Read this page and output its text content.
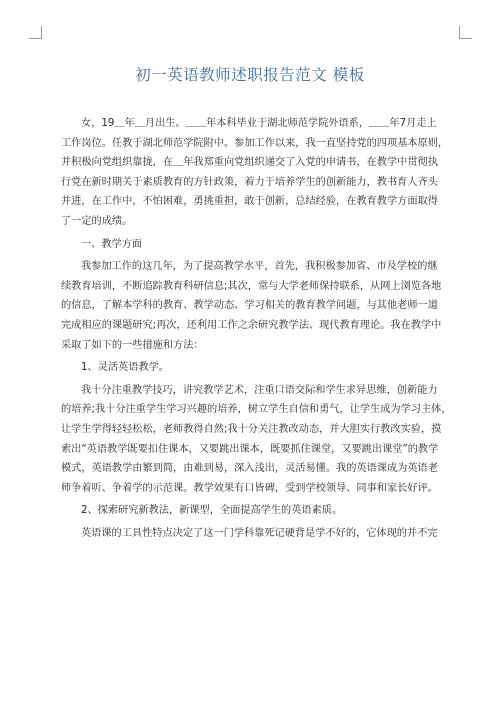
初一英语教师述职报告范文 模板

女，19＿年＿月出生。＿＿年本科毕业于湖北师范学院外语系，＿＿年7月走上
工作岗位。任教于湖北师范学院附中。参加工作以来，我一直坚持党的四项基本原则，
并积极向党组织靠拢，在＿年我郑重向党组织递交了入党的申请书，在教学中贯彻执
行党在新时期关于素质教育的方针政策，着力于培养学生的创新能力，教书育人齐头
并进，在工作中，不怕困难，勇挑重担，敢于创新，总结经验，在教育教学方面取得
了一定的成绩。

一、教学方面

我参加工作的这几年，为了提高教学水平，首先，我积极参加省、市及学校的继
续教育培训，不断追踪教育科研信息;其次，常与大学老师保持联系，从网上浏览各地
的信息，了解本学科的教育、教学动态、学习相关的教育教学问题，与其他老师一道
完成相应的课题研究;再次，还利用工作之余研究教学法、现代教育理论。我在教学中
采取了如下的一些措施和方法：

1、灵活英语教学。

我十分注重教学技巧，讲究教学艺术，注重口语交际和学生求异思维，创新能力
的培养;我十分注重学生学习兴趣的培养，树立学生自信和勇气，让学生成为学习主体，
让学生学得轻轻松松，老师教得自然;我十分关注教改动态，并大胆实行教改实验，摸
索出“英语教学既要扣住课本，又要跳出课本，既要抓住课堂，又要跳出课堂”的教学
模式，英语教学由繁到简，由难到易，深入浅出，灵活易懂。我的英语课成为英语老
师争着听、争着学的示范课。教学效果有口皆碑，受到学校领导、同事和家长好评。

2、探索研究新教法，新课型，全面提高学生的英语素质。

英语课的工具性特点决定了这一门学科靠死记硬背是学不好的，它体现的并不完
